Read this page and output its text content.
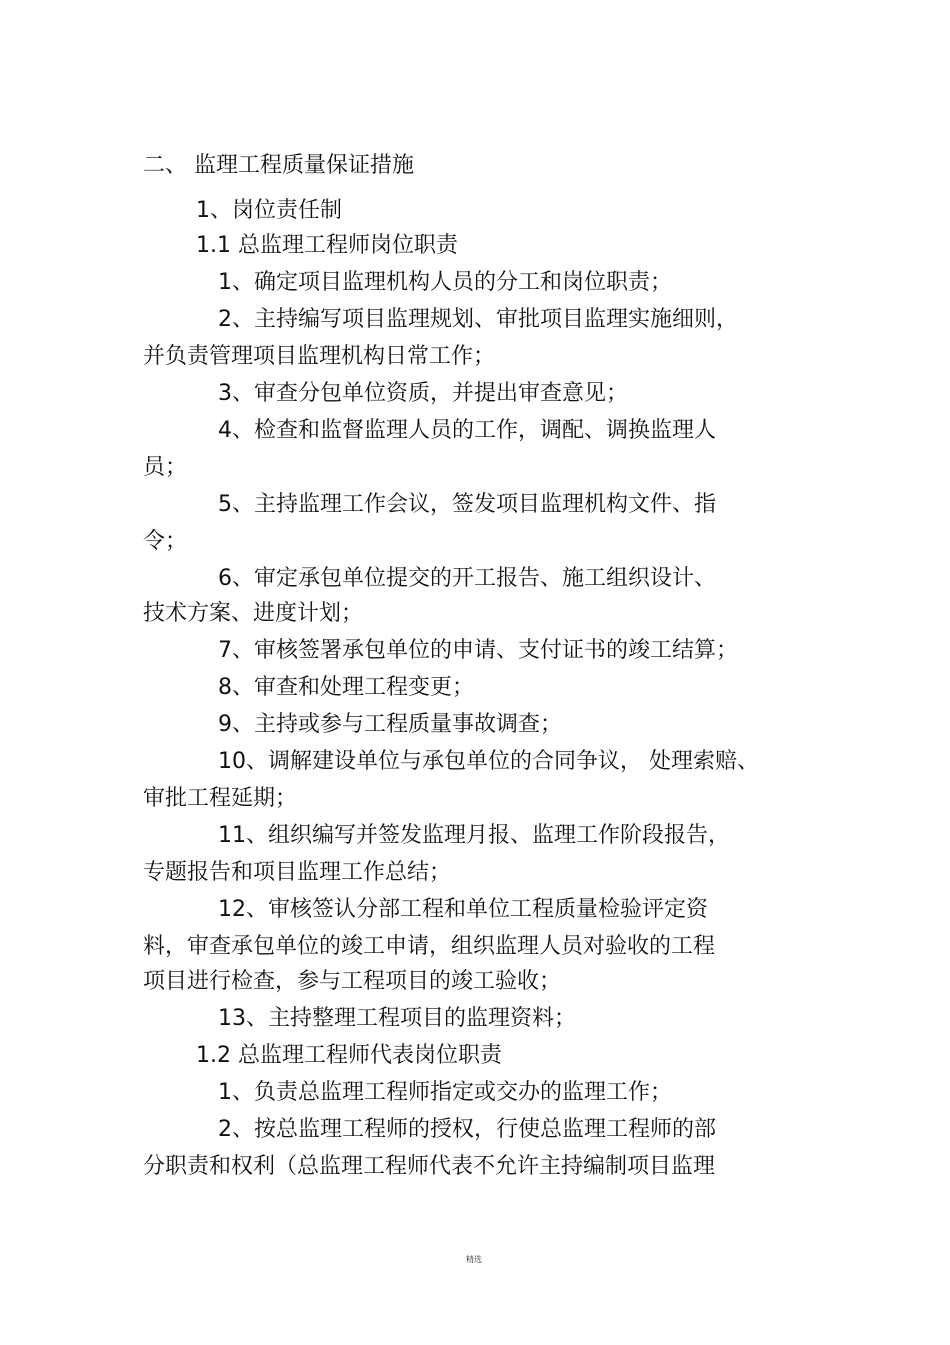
二、 监理工程质量保证措施
1、岗位责任制
1.1 总监理工程师岗位职责
1、确定项目监理机构人员的分工和岗位职责；
2、主持编写项目监理规划、审批项目监理实施细则，
并负责管理项目监理机构日常工作；
3、审查分包单位资质，并提出审查意见；
4、检查和监督监理人员的工作，调配、调换监理人
员；
5、主持监理工作会议，签发项目监理机构文件、指
令；
6、审定承包单位提交的开工报告、施工组织设计、
技术方案、进度计划；
7、审核签署承包单位的申请、支付证书的竣工结算；
8、审查和处理工程变更；
9、主持或参与工程质量事故调查；
10、调解建设单位与承包单位的合同争议， 处理索赔、
审批工程延期；
11、组织编写并签发监理月报、监理工作阶段报告，
专题报告和项目监理工作总结；
12、审核签认分部工程和单位工程质量检验评定资
料，审查承包单位的竣工申请，组织监理人员对验收的工程
项目进行检查，参与工程项目的竣工验收；
13、主持整理工程项目的监理资料；
1.2 总监理工程师代表岗位职责
1、负责总监理工程师指定或交办的监理工作；
2、按总监理工程师的授权，行使总监理工程师的部
分职责和权利（总监理工程师代表不允许主持编制项目监理
精选
